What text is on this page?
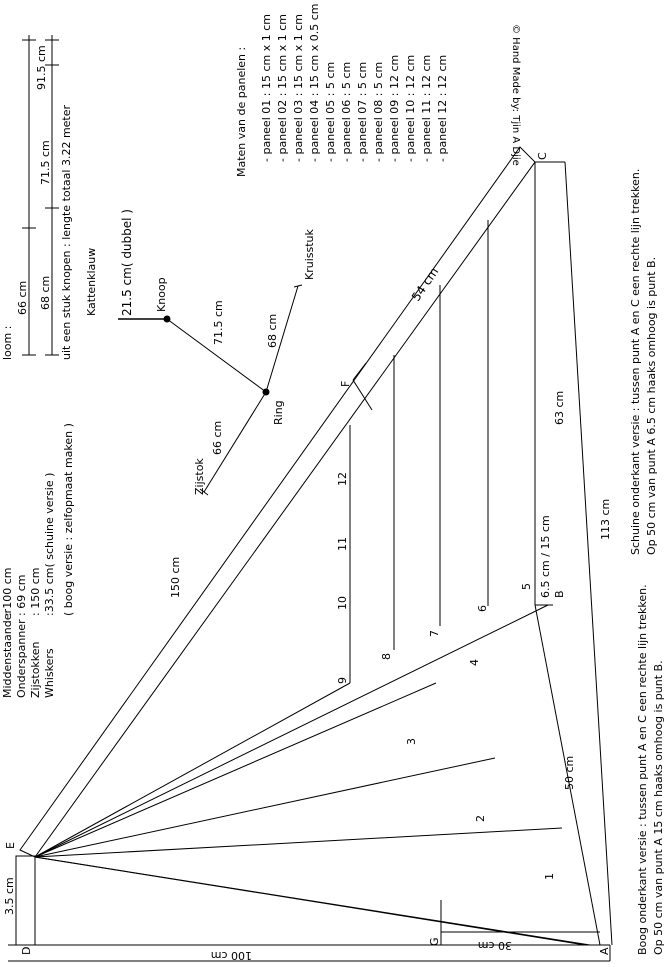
© Hand Made by: Tjin A Djie
Middenstaander
: 100 cm
Onderspanner
: 69 cm
Zijstokken
: 150 cm
Whiskers
:33.5 cm( schuine versie ) ( boog versie : zelfopmaat maken )
loom :
66 cm
91.5 cm
68 cm
71.5 cm uit een stuk knopen : lengte totaal 3.22 meter Kattenklauw 21.5 cm( dubbel ) Knoop
71.5 cm
Ring
68 cm
Kruisstuk
66 cm
Zijstok
Maten van de panelen : - paneel 01 : 15 cm x 1 cm - paneel 02 : 15 cm x 1 cm - paneel 03 : 15 cm x 1 cm - paneel 04 : 15 cm x 0.5 cm - paneel 05 : 5 cm - paneel 06 : 5 cm - paneel 07 : 5 cm - paneel 08 : 5 cm - paneel 09 : 12 cm - paneel 10 : 12 cm - paneel 11 : 12 cm - paneel 12 : 12 cm
1
2
3
4
5
6
7
8
9
10
11
12
A
B
C
D
E
F
G
150 cm
54 cm
63 cm
113 cm
50 cm
6.5 cm / 15 cm
3.5 cm
100 cm
30 cm
Schuine onderkant versie : tussen punt A en C een rechte lijn trekken. Op 50 cm van punt A 6.5 cm haaks omhoog is punt B.
Boog onderkant versie : tussen punt A en C een rechte lijn trekken. Op 50 cm van punt A 15 cm haaks omhoog is punt B.
